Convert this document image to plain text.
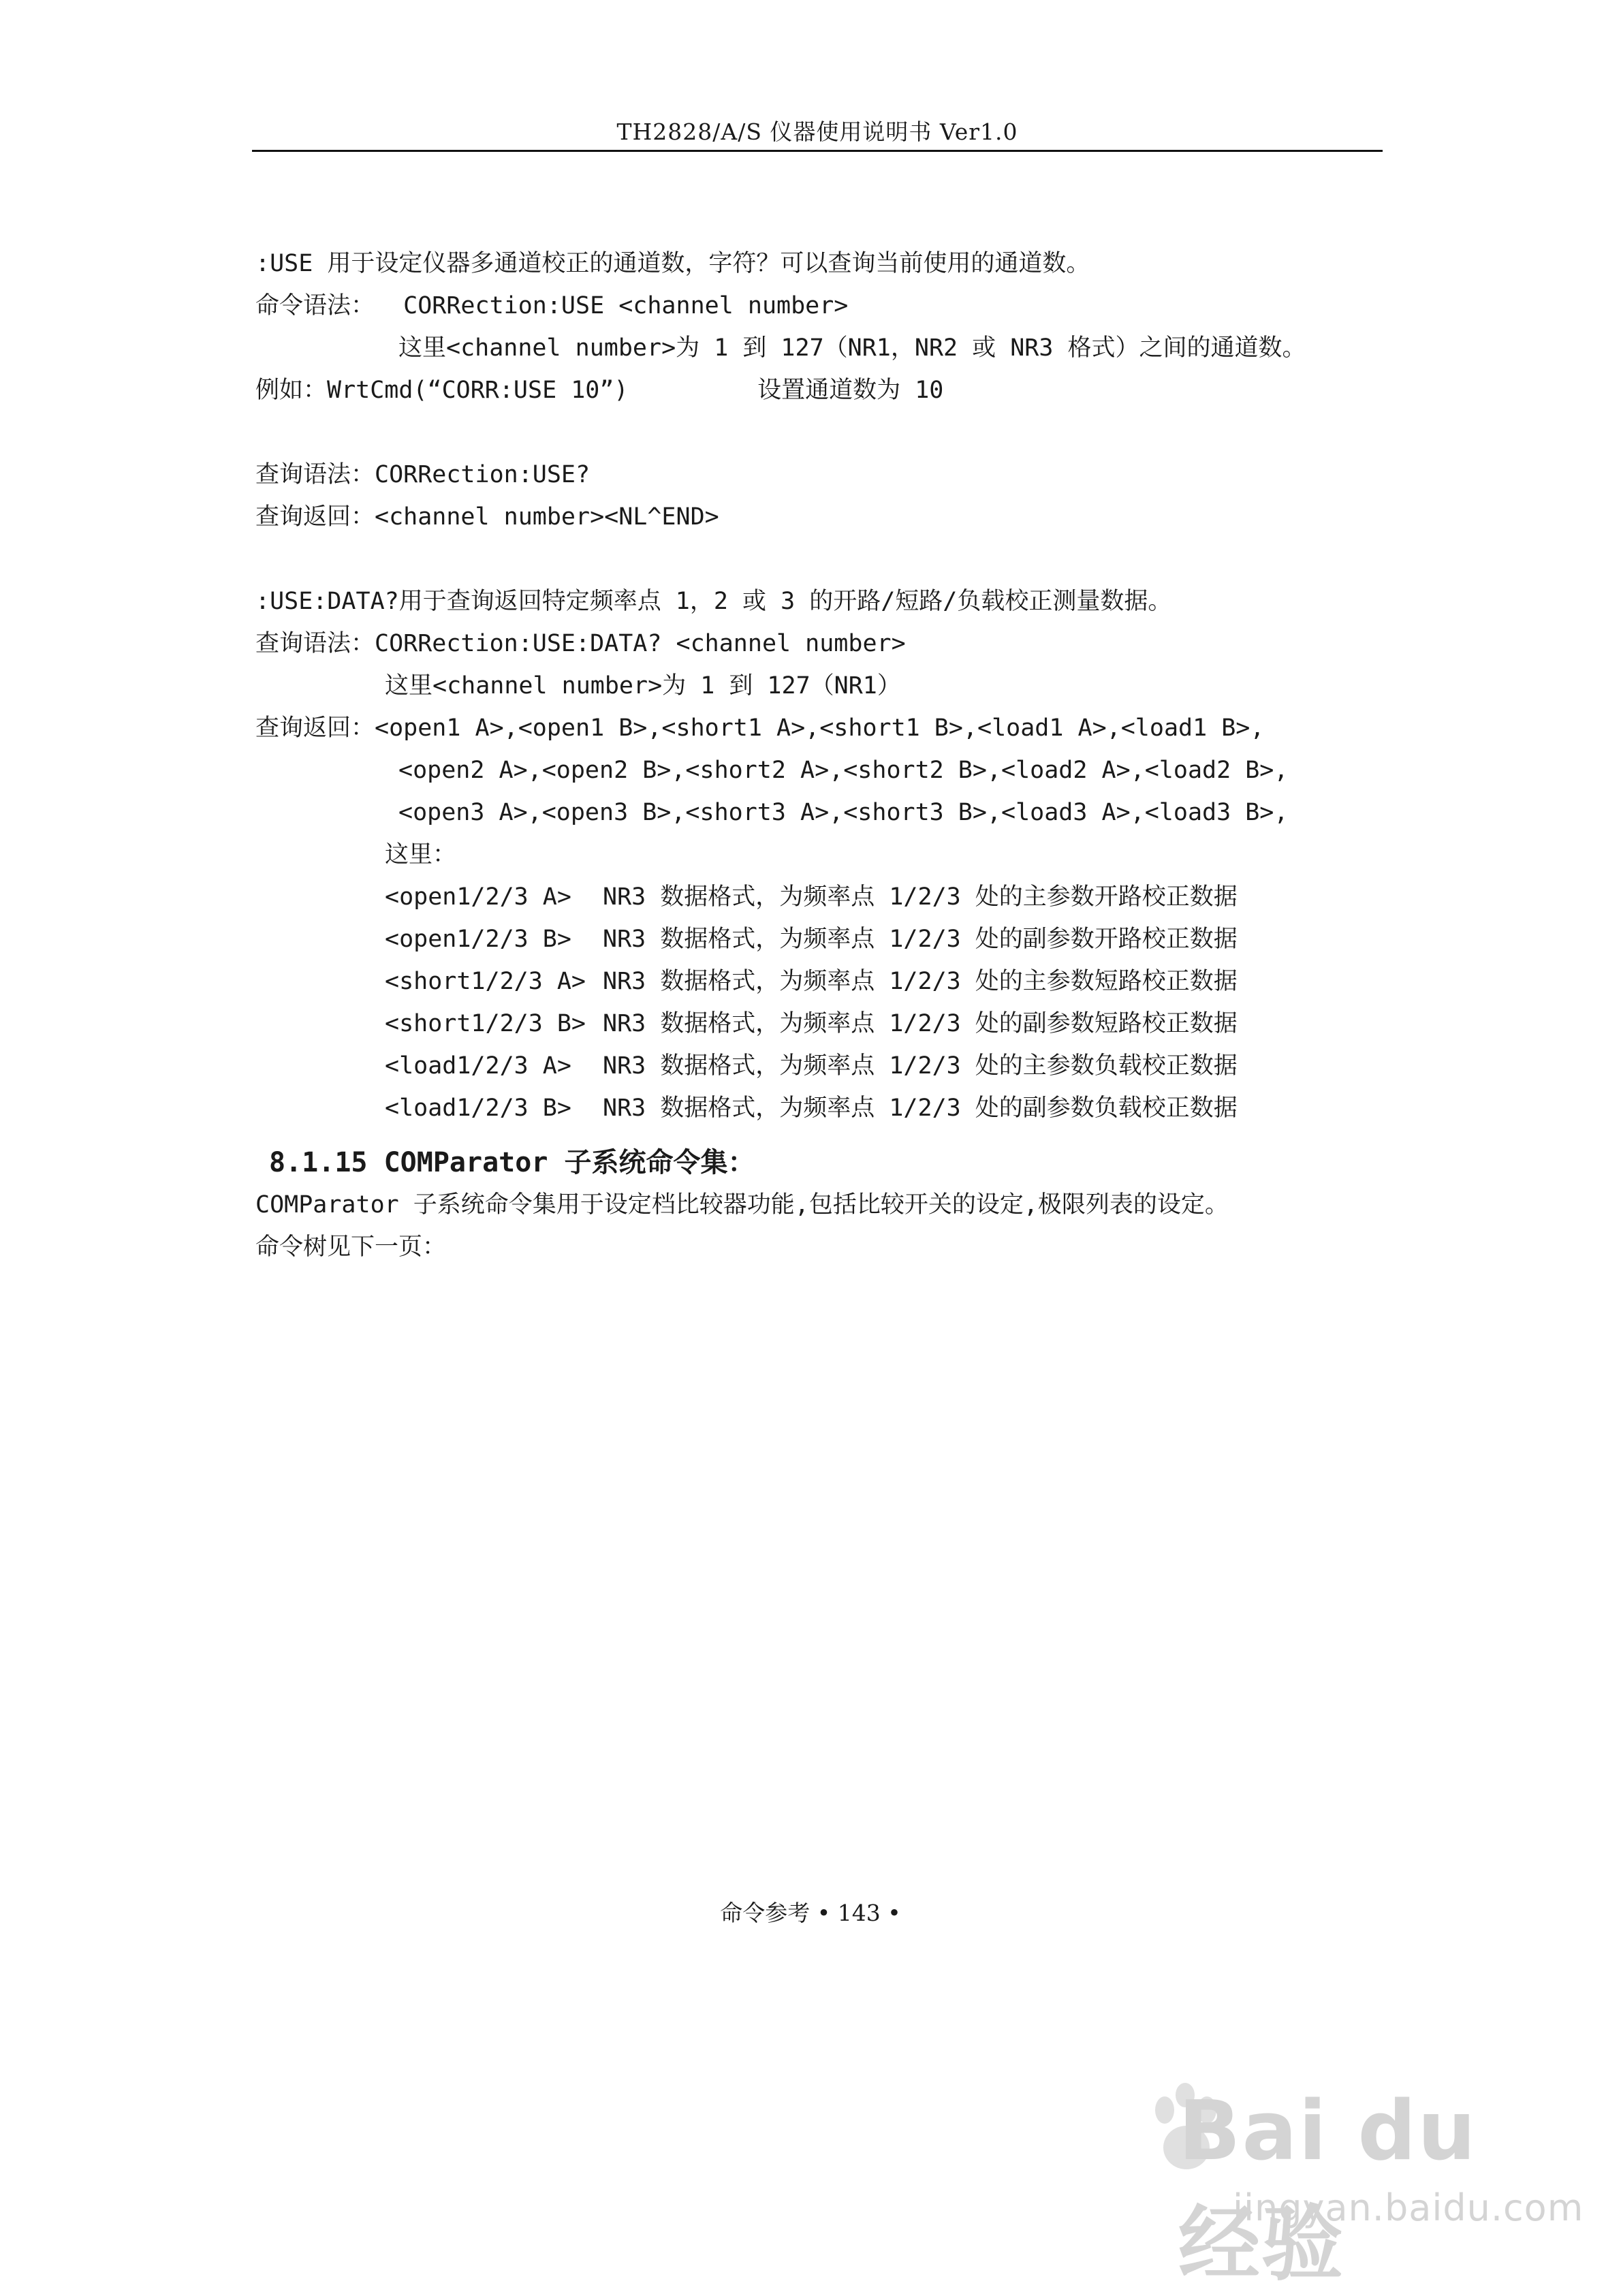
TH2828/A/S 仪器使用说明书 Ver1.0
:USE 用于设定仪器多通道校正的通道数，字符？可以查询当前使用的通道数。
命令语法：  CORRection:USE <channel number>
这里<channel number>为 1 到 127（NR1，NR2 或 NR3 格式）之间的通道数。
例如：WrtCmd(“CORR:USE 10”)         设置通道数为 10
查询语法：CORRection:USE?
查询返回：<channel number><NL^END>
:USE:DATA?用于查询返回特定频率点 1，2 或 3 的开路/短路/负载校正测量数据。
查询语法：CORRection:USE:DATA? <channel number>
这里<channel number>为 1 到 127（NR1）
查询返回：<open1 A>,<open1 B>,<short1 A>,<short1 B>,<load1 A>,<load1 B>,
<open2 A>,<open2 B>,<short2 A>,<short2 B>,<load2 A>,<load2 B>,
<open3 A>,<open3 B>,<short3 A>,<short3 B>,<load3 A>,<load3 B>,
这里：
<open1/2/3 A> NR3 数据格式，为频率点 1/2/3 处的主参数开路校正数据
<open1/2/3 B> NR3 数据格式，为频率点 1/2/3 处的副参数开路校正数据
<short1/2/3 A> NR3 数据格式，为频率点 1/2/3 处的主参数短路校正数据
<short1/2/3 B> NR3 数据格式，为频率点 1/2/3 处的副参数短路校正数据
<load1/2/3 A> NR3 数据格式，为频率点 1/2/3 处的主参数负载校正数据
<load1/2/3 B> NR3 数据格式，为频率点 1/2/3 处的副参数负载校正数据
8.1.15 COMParator 子系统命令集：
COMParator 子系统命令集用于设定档比较器功能,包括比较开关的设定,极限列表的设定。
命令树见下一页：
命令参考 • 143 •
Bai du 经验
jingyan.baidu.com
